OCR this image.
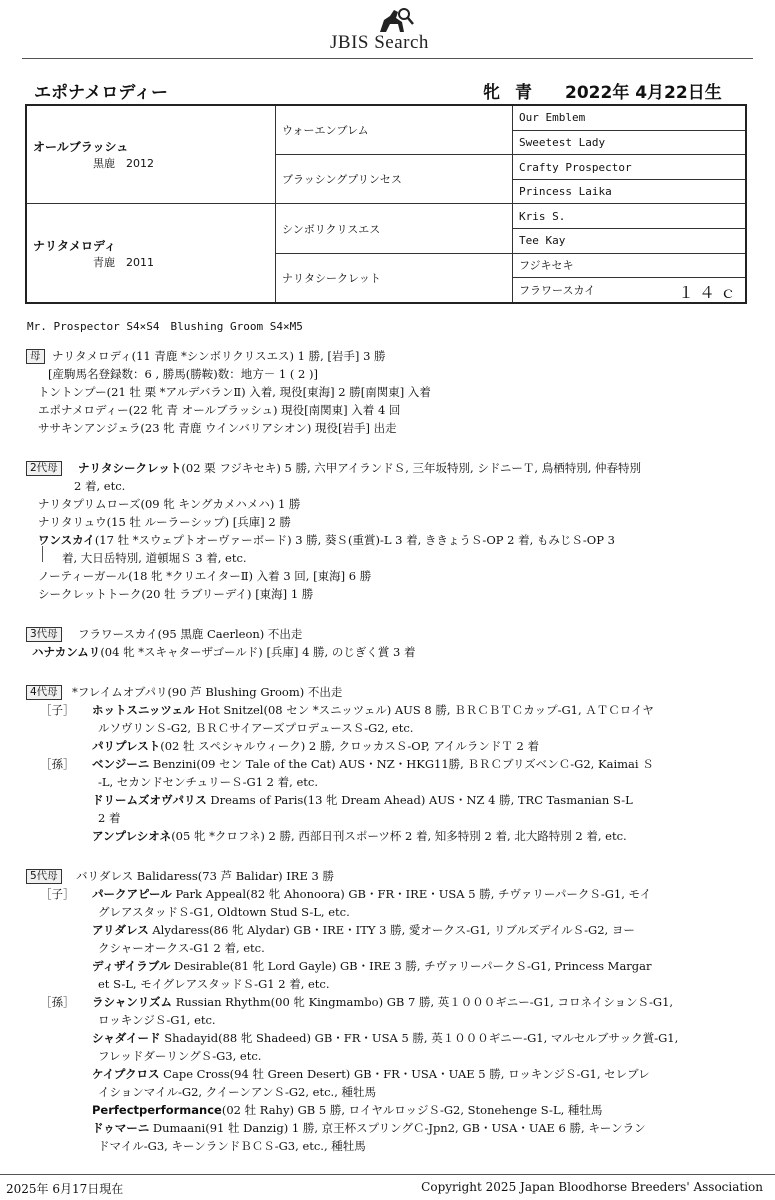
JBIS Search
エポナメロディー	牝 青 2022年 4月22日生
オールブラッシュ
黒鹿　2012	ウォーエンブレム	Our Emblem
		Sweetest Lady
	ブラッシングプリンセス	Crafty Prospector
		Princess Laika

ナリタメロディ
青鹿　2011	シンボリクリスエス	Kris S.
		Tee Kay
	ナリタシークレット	フジキセキ
		フラワースカイ １４ｃ
Mr. Prospector S4×S4　Blushing Groom S4×M5
母	ナリタメロディ(11 青鹿 *シンボリクリスエス) 1 勝, [岩手] 3 勝
[産駒馬名登録数：6 , 勝馬(勝鞍)数：地方－ 1 ( 2 )]
トントンプー(21 牡 栗 *アルデバランⅡ) 入着, 現役[東海] 2 勝[南関東] 入着
エポナメロディー(22 牝 青 オールブラッシュ) 現役[南関東] 入着 4 回
ササキンアンジェラ(23 牝 青鹿 ウインバリアシオン) 現役[岩手] 出走
2代母	ナリタシークレット(02 栗 フジキセキ) 5 勝, 六甲アイランドＳ, 三年坂特別, シドニーＴ, 鳥栖特別, 仲春特別
2 着, etc.
ナリタプリムローズ(09 牝 キングカメハメハ) 1 勝
ナリタリュウ(15 牡 ルーラーシップ) [兵庫] 2 勝
ワンスカイ(17 牡 *スウェプトオーヴァーボード) 3 勝, 葵Ｓ(重賞)-L 3 着, ききょうＳ-OP 2 着, もみじＳ-OP 3
着, 大日岳特別, 道頓堀Ｓ 3 着, etc.
ノーティーガール(18 牝 *クリエイターⅡ) 入着 3 回, [東海] 6 勝
シークレットトーク(20 牡 ラブリーデイ) [東海] 1 勝
3代母	フラワースカイ(95 黒鹿 Caerleon) 不出走
ハナカンムリ(04 牝 *スキャターザゴールド) [兵庫] 4 勝, のじぎく賞 3 着
4代母	*フレイムオブパリ(90 芦 Blushing Groom) 不出走
［子］ ホットスニッツェル Hot Snitzel(08 セン *スニッツェル) AUS 8 勝, ＢＲＣＢＴＣカップ-G1, ＡＴＣロイヤ
ルソヴリンＳ-G2, ＢＲＣサイアーズプロデュースＳ-G2, etc.
パリプレスト(02 牡 スペシャルウィーク) 2 勝, クロッカスＳ-OP, アイルランドＴ 2 着
［孫］ ベンジーニ Benzini(09 セン Tale of the Cat) AUS・NZ・HKG11勝, ＢＲＣブリズベンＣ-G2, Kaimai Ｓ
-L, セカンドセンチュリーＳ-G1 2 着, etc.
ドリームズオヴパリス Dreams of Paris(13 牝 Dream Ahead) AUS・NZ 4 勝, TRC Tasmanian S-L
2 着
アンプレシオネ(05 牝 *クロフネ) 2 勝, 西部日刊スポーツ杯 2 着, 知多特別 2 着, 北大路特別 2 着, etc.
5代母	バリダレス Balidaress(73 芦 Balidar) IRE 3 勝
［子］ パークアピール Park Appeal(82 牝 Ahonoora) GB・FR・IRE・USA 5 勝, チヴァリーパークＳ-G1, モイ
グレアスタッドＳ-G1, Oldtown Stud S-L, etc.
アリダレス Alydaress(86 牝 Alydar) GB・IRE・ITY 3 勝, 愛オークス-G1, リブルズデイルＳ-G2, ヨー
クシャーオークス-G1 2 着, etc.
ディザイラブル Desirable(81 牝 Lord Gayle) GB・IRE 3 勝, チヴァリーパークＳ-G1, Princess Margar
et S-L, モイグレアスタッドＳ-G1 2 着, etc.
［孫］ ラシャンリズム Russian Rhythm(00 牝 Kingmambo) GB 7 勝, 英１０００ギニー-G1, コロネイションＳ-G1,
ロッキンジＳ-G1, etc.
シャダイード Shadayid(88 牝 Shadeed) GB・FR・USA 5 勝, 英１０００ギニー-G1, マルセルブサック賞-G1,
フレッドダーリングＳ-G3, etc.
ケイプクロス Cape Cross(94 牡 Green Desert) GB・FR・USA・UAE 5 勝, ロッキンジＳ-G1, セレブレ
イションマイル-G2, クイーンアンＳ-G2, etc., 種牡馬
Perfectperformance(02 牡 Rahy) GB 5 勝, ロイヤルロッジＳ-G2, Stonehenge S-L, 種牡馬
ドゥマーニ Dumaani(91 牡 Danzig) 1 勝, 京王杯スプリングＣ-Jpn2, GB・USA・UAE 6 勝, キーンラン
ドマイル-G3, キーンランドＢＣＳ-G3, etc., 種牡馬
2025年 6月17日現在	Copyright 2025 Japan Bloodhorse Breeders' Association
